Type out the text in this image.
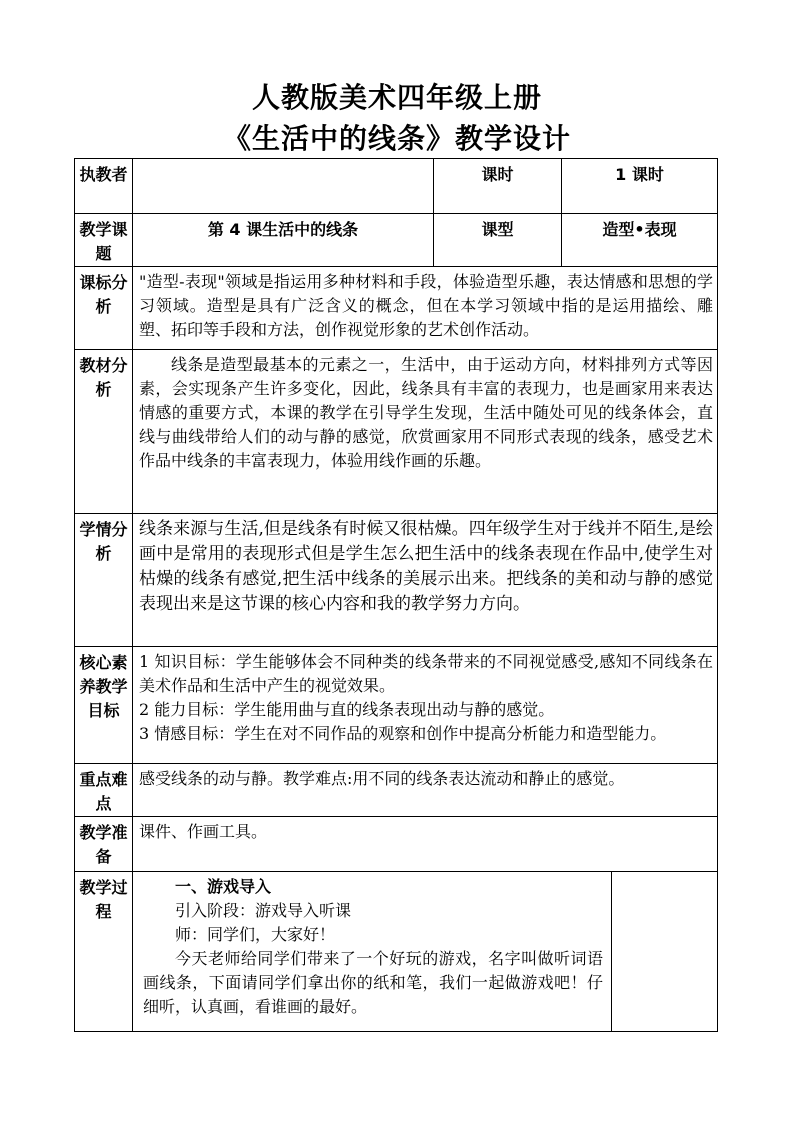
人教版美术四年级上册
《生活中的线条》教学设计
执教者		课时	1 课时	
教学课题	第 4 课生活中的线条	课型	造型•表现	
课标分析	"造型-表现"领域是指运用多种材料和手段，体验造型乐趣，表达情感和思想的学习领域。造型是具有广泛含义的概念，但在本学习领域中指的是运用描绘、雕塑、拓印等手段和方法，创作视觉形象的艺术创作活动。			
教材分析	线条是造型最基本的元素之一，生活中，由于运动方向，材料排列方式等因素，会实现条产生许多变化，因此，线条具有丰富的表现力，也是画家用来表达情感的重要方式，本课的教学在引导学生发现，生活中随处可见的线条体会，直线与曲线带给人们的动与静的感觉，欣赏画家用不同形式表现的线条，感受艺术作品中线条的丰富表现力，体验用线作画的乐趣。			
学情分析	线条来源与生活,但是线条有时候又很枯燥。四年级学生对于线并不陌生,是绘画中是常用的表现形式但是学生怎么把生活中的线条表现在作品中,使学生对枯燥的线条有感觉,把生活中线条的美展示出来。把线条的美和动与静的感觉表现出来是这节课的核心内容和我的教学努力方向。			
核心素养教学目标	1 知识目标：学生能够体会不同种类的线条带来的不同视觉感受,感知不同线条在美术作品和生活中产生的视觉效果。
2 能力目标：学生能用曲与直的线条表现出动与静的感觉。
3 情感目标：学生在对不同作品的观察和创作中提高分析能力和造型能力。			

重点难点	感受线条的动与静。教学难点:用不同的线条表达流动和静止的感觉。			
教学准备	课件、作画工具。			
教学过程	一、游戏导入

引入阶段：游戏导入听课

师：同学们，大家好！

今天老师给同学们带来了一个好玩的游戏，名字叫做听词语画线条，下面请同学们拿出你的纸和笔，我们一起做游戏吧！仔细听，认真画，看谁画的最好。			
